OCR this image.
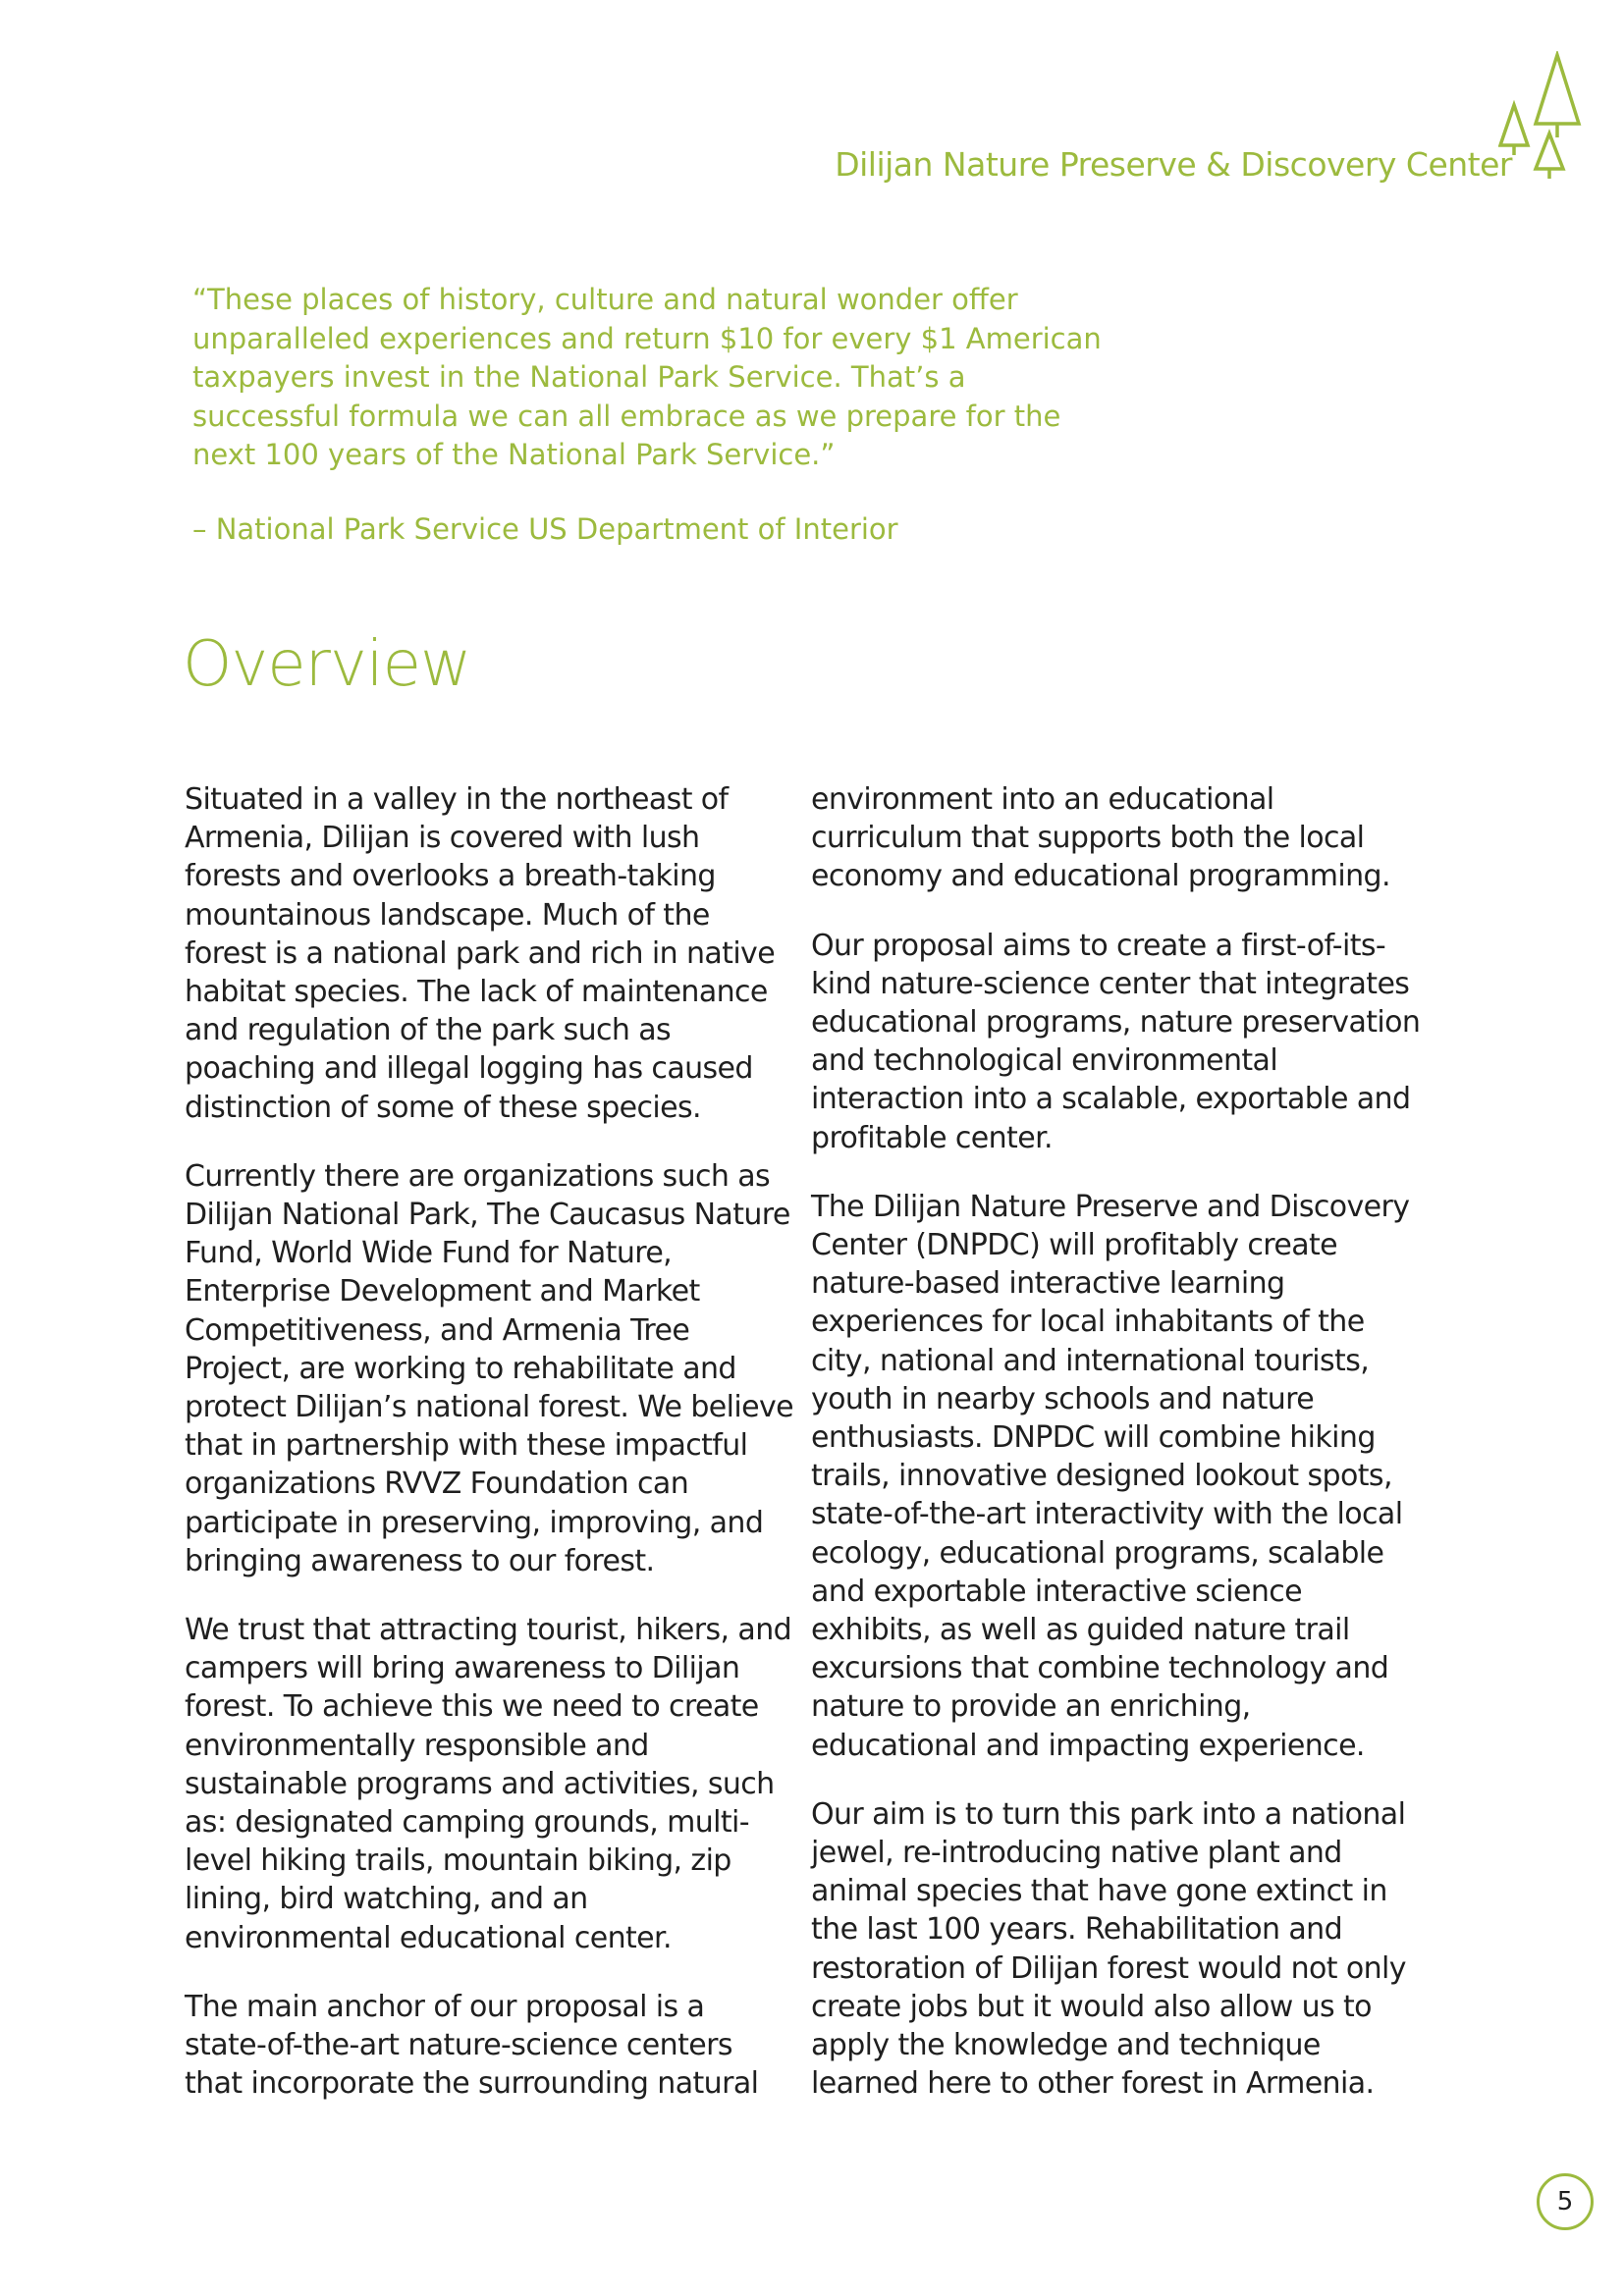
Dilijan Nature Preserve & Discovery Center

“These places of history, culture and natural wonder offer unparalleled experiences and return $10 for every $1 American taxpayers invest in the National Park Service. That’s a successful formula we can all embrace as we prepare for the next 100 years of the National Park Service.”

– National Park Service US Department of Interior
Overview

Situated in a valley in the northeast of Armenia, Dilijan is covered with lush forests and overlooks a breath-taking mountainous landscape. Much of the forest is a national park and rich in native habitat species. The lack of maintenance and regulation of the park such as poaching and illegal logging has caused distinction of some of these species.

Currently there are organizations such as Dilijan National Park, The Caucasus Nature Fund, World Wide Fund for Nature, Enterprise Development and Market Competitiveness, and Armenia Tree Project, are working to rehabilitate and protect Dilijan’s national forest. We believe that in partnership with these impactful organizations RVVZ Foundation can participate in preserving, improving, and bringing awareness to our forest.

We trust that attracting tourist, hikers, and campers will bring awareness to Dilijan forest. To achieve this we need to create environmentally responsible and sustainable programs and activities, such as: designated camping grounds, multi-level hiking trails, mountain biking, zip lining, bird watching, and an environmental educational center.

The main anchor of our proposal is a state-of-the-art nature-science centers that incorporate the surrounding natural

environment into an educational curriculum that supports both the local economy and educational programming.

Our proposal aims to create a first-of-its-kind nature-science center that integrates educational programs, nature preservation and technological environmental interaction into a scalable, exportable and profitable center.

The Dilijan Nature Preserve and Discovery Center (DNPDC) will profitably create nature-based interactive learning experiences for local inhabitants of the city, national and international tourists, youth in nearby schools and nature enthusiasts. DNPDC will combine hiking trails, innovative designed lookout spots, state-of-the-art interactivity with the local ecology, educational programs, scalable and exportable interactive science exhibits, as well as guided nature trail excursions that combine technology and nature to provide an enriching, educational and impacting experience.

Our aim is to turn this park into a national jewel, re-introducing native plant and animal species that have gone extinct in the last 100 years. Rehabilitation and restoration of Dilijan forest would not only create jobs but it would also allow us to apply the knowledge and technique learned here to other forest in Armenia.

5
